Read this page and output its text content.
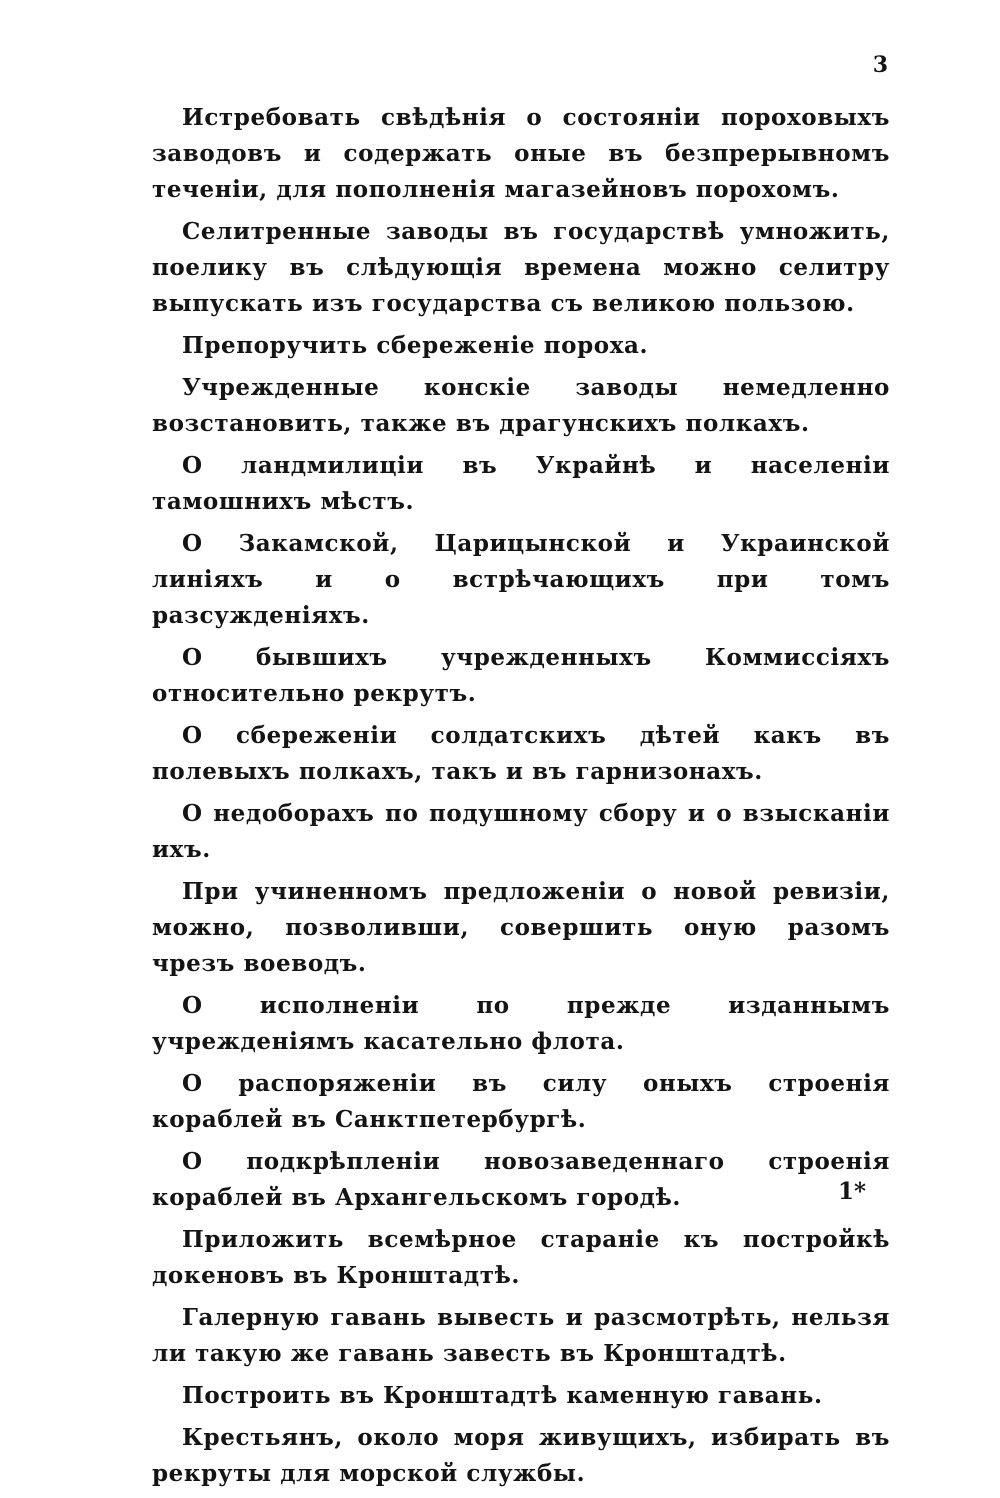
3

Истребовать свѣдѣнія о состояніи пороховыхъ заводовъ и содержать оные въ безпрерывномъ теченіи, для пополненія магазейновъ порохомъ.

Селитренные заводы въ государствѣ умножить, поелику въ слѣдующія времена можно селитру выпускать изъ государства съ великою пользою.

Препоручить сбереженіе пороха.

Учрежденные конскіе заводы немедленно возстановить, также въ драгунскихъ полкахъ.

О ландмилиціи въ Украйнѣ и населеніи тамошнихъ мѣстъ.

О Закамской, Царицынской и Украинской линіяхъ и о встрѣчающихъ при томъ разсужденіяхъ.

О бывшихъ учрежденныхъ Коммиссіяхъ относительно рекрутъ.

О сбереженіи солдатскихъ дѣтей какъ въ полевыхъ полкахъ, такъ и въ гарнизонахъ.

О недоборахъ по подушному сбору и о взысканіи ихъ.

При учиненномъ предложеніи о новой ревизіи, можно, позволивши, совершить оную разомъ чрезъ воеводъ.

О исполненіи по прежде изданнымъ учрежденіямъ касательно флота.

О распоряженіи въ силу оныхъ строенія кораблей въ Санктпетербургѣ.

О подкрѣпленіи новозаведеннаго строенія кораблей въ Архангельскомъ городѣ.

Приложить всемѣрное стараніе къ постройкѣ докеновъ въ Кронштадтѣ.

Галерную гавань вывесть и разсмотрѣть, нельзя ли такую же гавань завесть въ Кронштадтѣ.

Построить въ Кронштадтѣ каменную гавань.

Крестьянъ, около моря живущихъ, избирать въ рекруты для морской службы.

1*
